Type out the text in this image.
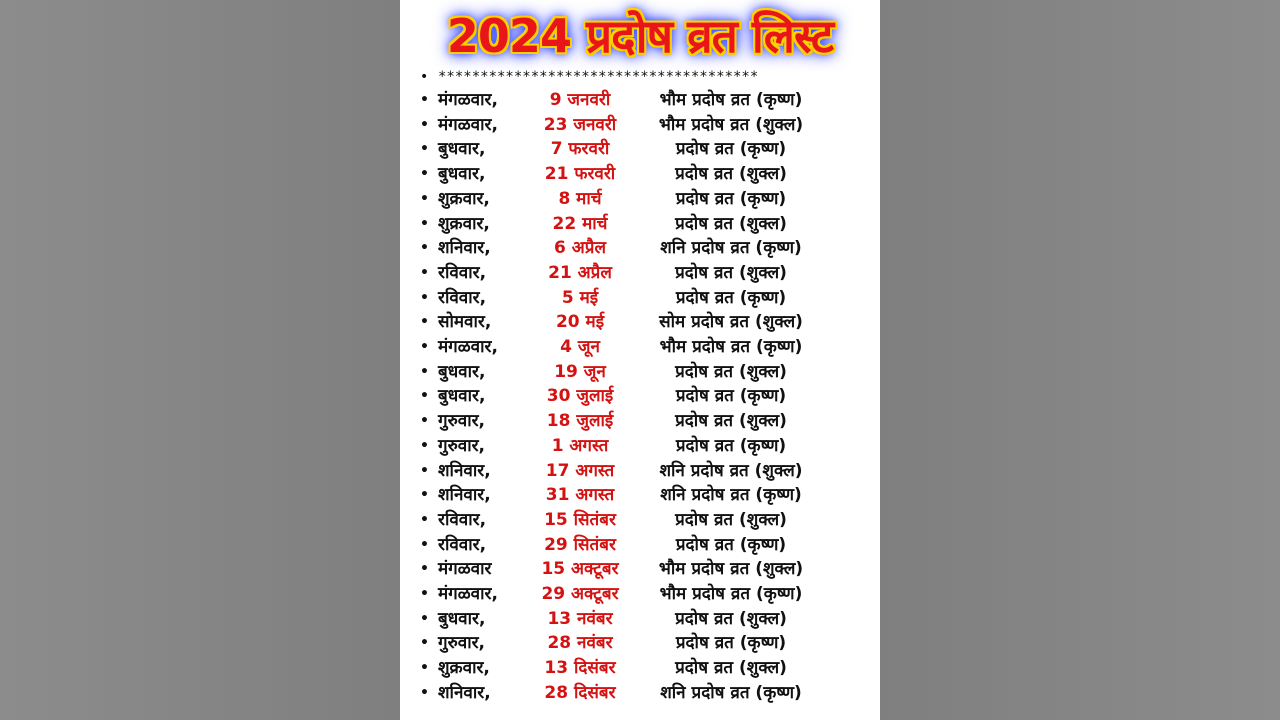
2024 प्रदोष व्रत लिस्ट
• **************************************
• मंगळवार,	9 जनवरी	भौम प्रदोष व्रत (कृष्ण)
• मंगळवार,	23 जनवरी	भौम प्रदोष व्रत (शुक्ल)
• बुधवार,	7 फरवरी	प्रदोष व्रत (कृष्ण)
• बुधवार,	21 फरवरी	प्रदोष व्रत (शुक्ल)
• शुक्रवार,	8 मार्च	प्रदोष व्रत (कृष्ण)
• शुक्रवार,	22 मार्च	प्रदोष व्रत (शुक्ल)
• शनिवार,	6 अप्रैल	शनि प्रदोष व्रत (कृष्ण)
• रविवार,	21 अप्रैल	प्रदोष व्रत (शुक्ल)
• रविवार,	5 मई	प्रदोष व्रत (कृष्ण)
• सोमवार,	20 मई	सोम प्रदोष व्रत (शुक्ल)
• मंगळवार,	4 जून	भौम प्रदोष व्रत (कृष्ण)
• बुधवार,	19 जून	प्रदोष व्रत (शुक्ल)
• बुधवार,	30 जुलाई	प्रदोष व्रत (कृष्ण)
• गुरुवार,	18 जुलाई	प्रदोष व्रत (शुक्ल)
• गुरुवार,	1 अगस्त	प्रदोष व्रत (कृष्ण)
• शनिवार,	17 अगस्त	शनि प्रदोष व्रत (शुक्ल)
• शनिवार,	31 अगस्त	शनि प्रदोष व्रत (कृष्ण)
• रविवार,	15 सितंबर	प्रदोष व्रत (शुक्ल)
• रविवार,	29 सितंबर	प्रदोष व्रत (कृष्ण)
• मंगळवार	15 अक्टूबर	भौम प्रदोष व्रत (शुक्ल)
• मंगळवार,	29 अक्टूबर	भौम प्रदोष व्रत (कृष्ण)
• बुधवार,	13 नवंबर	प्रदोष व्रत (शुक्ल)
• गुरुवार,	28 नवंबर	प्रदोष व्रत (कृष्ण)
• शुक्रवार,	13 दिसंबर	प्रदोष व्रत (शुक्ल)
• शनिवार,	28 दिसंबर	शनि प्रदोष व्रत (कृष्ण)
